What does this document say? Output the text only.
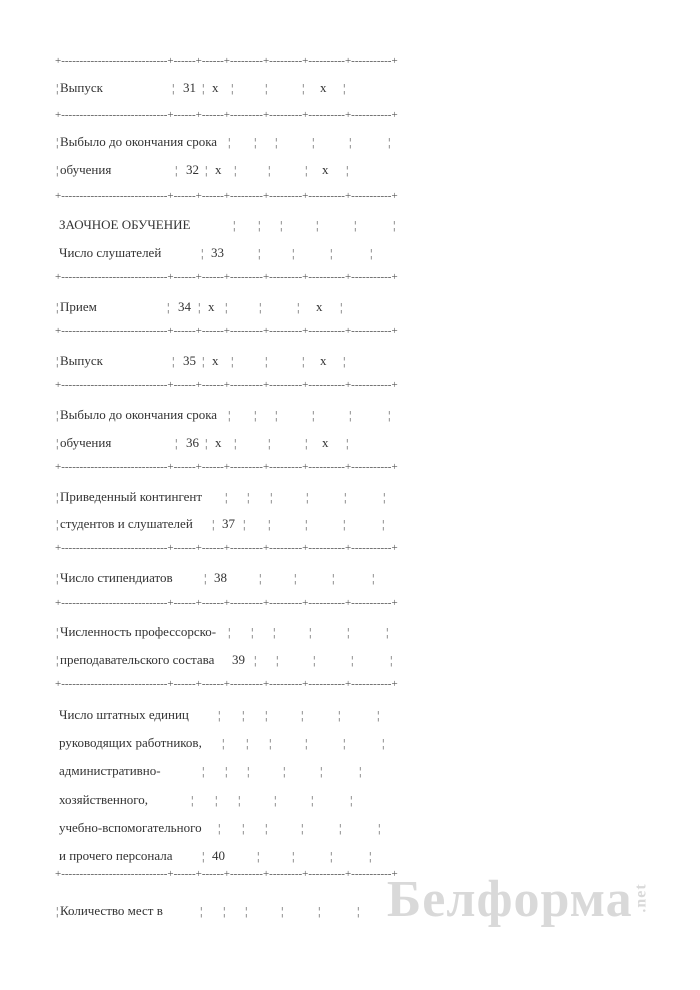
+-----------------------------+------+------+---------+---------+----------+-----------+
+-----------------------------+------+------+---------+---------+----------+-----------+
+-----------------------------+------+------+---------+---------+----------+-----------+
+-----------------------------+------+------+---------+---------+----------+-----------+
+-----------------------------+------+------+---------+---------+----------+-----------+
+-----------------------------+------+------+---------+---------+----------+-----------+
+-----------------------------+------+------+---------+---------+----------+-----------+
+-----------------------------+------+------+---------+---------+----------+-----------+
+-----------------------------+------+------+---------+---------+----------+-----------+
+-----------------------------+------+------+---------+---------+----------+-----------+
+-----------------------------+------+------+---------+---------+----------+-----------+
¦ Выпуск	¦ 31 ¦ x ¦	¦	¦ x ¦
¦ Выбыло до окончания срока ¦ ¦ ¦	¦	¦	¦
¦ обучения	¦ 32 ¦ x ¦	¦	¦ x ¦
ЗАОЧНОЕ ОБУЧЕНИЕ	¦ ¦ ¦	¦	¦	¦
Число слушателей	¦ 33	¦	¦	¦	¦
¦ Прием	¦ 34 ¦ x ¦	¦	¦ x ¦
¦ Выпуск	¦ 35 ¦ x ¦	¦	¦ x ¦
¦ Выбыло до окончания срока ¦ ¦ ¦	¦	¦	¦
¦ обучения	¦ 36 ¦ x ¦	¦	¦ x ¦
¦ Приведенный контингент ¦ ¦ ¦	¦	¦	¦
¦ студентов и слушателей ¦ 37 ¦ ¦	¦	¦	¦
¦ Число стипендиатов	¦ 38	¦	¦	¦	¦
¦ Численность профессорско- ¦ ¦ ¦	¦	¦	¦
¦ преподавательского состава 39 ¦ ¦	¦	¦	¦
Число штатных единиц ¦ ¦ ¦	¦	¦	¦
руководящих работников, ¦ ¦ ¦	¦	¦	¦
административно-	¦ ¦ ¦	¦	¦	¦
хозяйственного,	¦ ¦ ¦	¦	¦	¦
учебно-вспомогательного ¦ ¦ ¦	¦	¦	¦
и прочего персонала ¦ 40	¦	¦	¦	¦
¦ Количество мест в	¦ ¦ ¦	¦	¦	¦ Белформа.net
